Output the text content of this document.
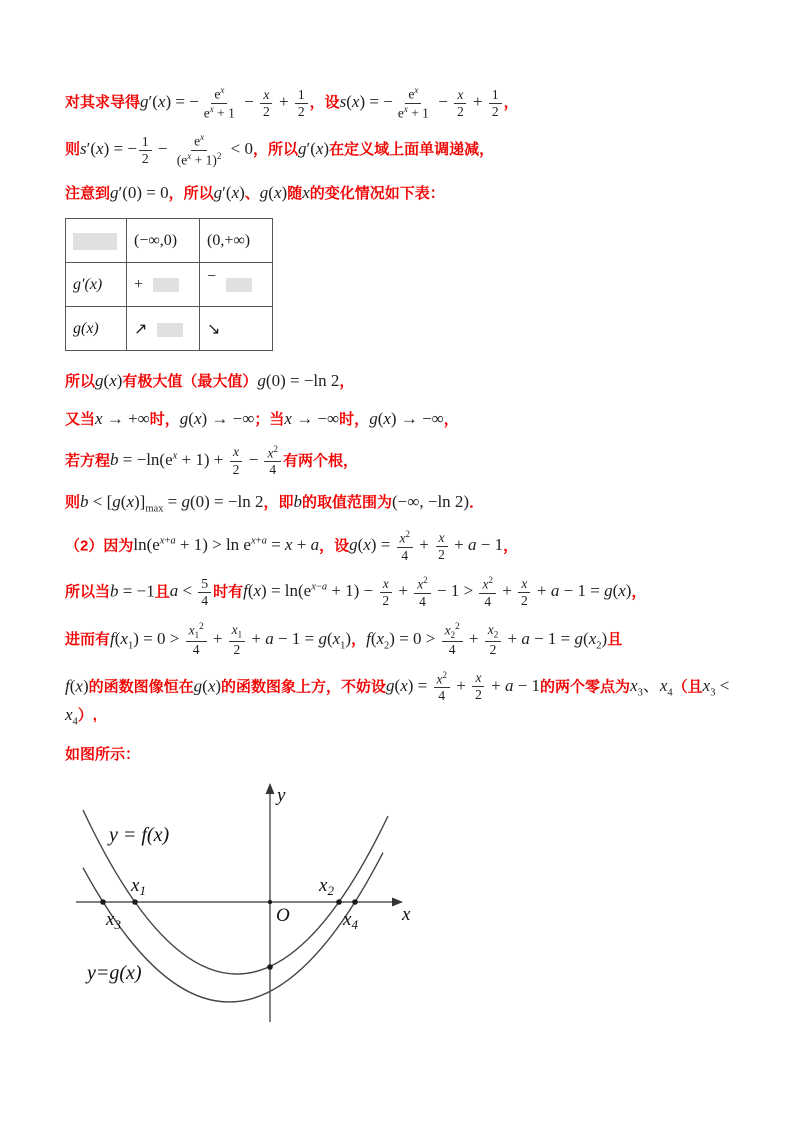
对其求导得g′(x) = − $\frac{e^x}{e^x + 1} - \frac{x}{2} + \frac{1}{2}$ ，设s(x) = − $\frac{e^x}{e^x + 1} - \frac{x}{2} + \frac{1}{2}$ ，
则s′(x) = − $\frac{1}{2} - \frac{e^x}{(e^x + 1)^2} < 0$，所以g′(x)在定义域上面单调递减，
注意到g′(0) = 0，所以g′(x)、g(x)随x的变化情况如下表：
	(−∞,0)	(0,+∞)
g′(x)	+	−
g(x)	↗	↘
所以g(x)有极大值（最大值）g(0) = −ln 2，
又当x → +∞时，g(x) → −∞；当x → −∞时，g(x) → −∞，
若方程$b = -\ln(e^x + 1) + \frac{x}{2} - \frac{x^2}{4}$ 有两个根，
则$b < [g(x)]_{max} = g(0) = -\ln$ 2，即b的取值范围为(−∞, −ln 2)．
（2）因为$\ln(e^{x+a} + 1) > \ln e^{x+a} = x + a$，设$g(x) = \frac{x^2}{4} + \frac{x}{2} + a - 1$，
所以当b = −1且$a < \frac{5}{4}$ 时有$f(x) = \ln(e^{x-a} + 1) - \frac{x}{2} + \frac{x^2}{4} - 1 > \frac{x^2}{4} + \frac{x}{2} + a - 1 = g(x)$，
进而有$f(x_1) = 0 > \frac{x_1^2}{4} + \frac{x_1}{2} + a - 1 = g(x_1)$，$f(x_2) = 0 > \frac{x_2^2}{4} + \frac{x_2}{2} + a - 1 = g(x_2)$且
f(x)的函数图像恒在g(x)的函数图象上方，不妨设$g(x) = \frac{x^2}{4} + \frac{x}{2} + a - 1$的两个零点为$x_3$、$x_4$（且$x_3 < x_4$）,
如图所示：
y
x
O
y = f(x)
y=g(x)
$x_1$	$x_2$
$x_3$	$x_4$
